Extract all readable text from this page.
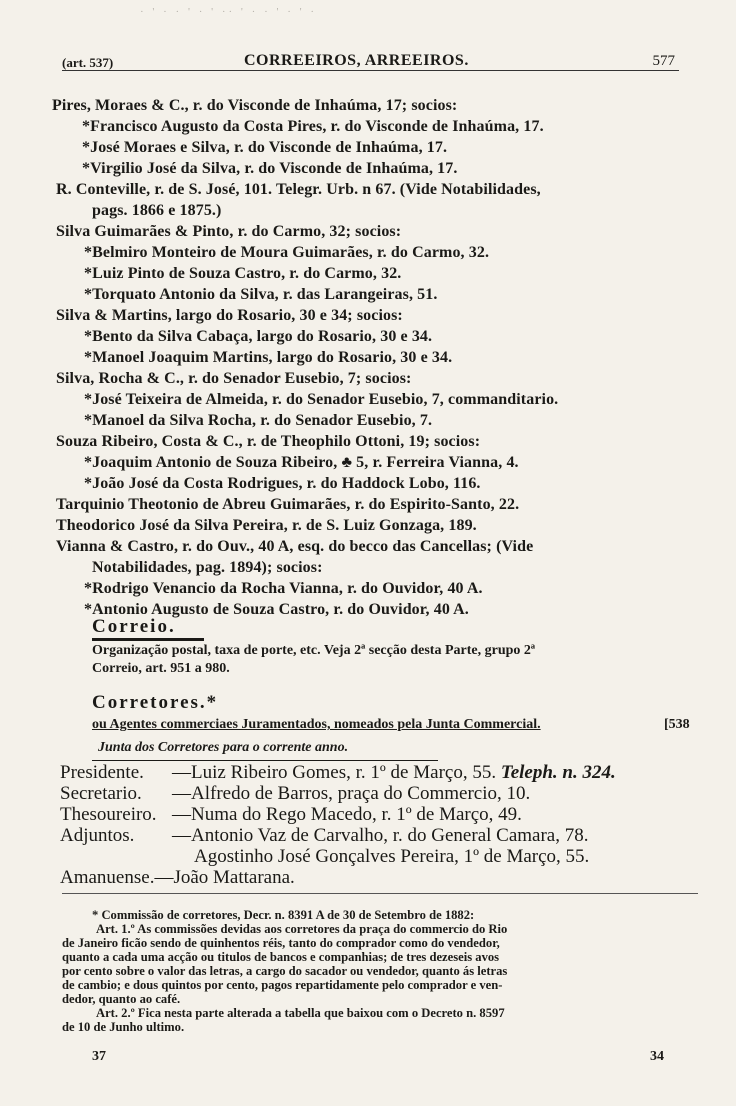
· ' · · ' · ' ·· ' · · ' · ' ·
(art. 537)	CORREEIROS, ARREEIROS.	577
Pires, Moraes & C., r. do Visconde de Inhaúma, 17; socios:
*Francisco Augusto da Costa Pires, r. do Visconde de Inhaúma, 17.
*José Moraes e Silva, r. do Visconde de Inhaúma, 17.
*Virgilio José da Silva, r. do Visconde de Inhaúma, 17.
R. Conteville, r. de S. José, 101. Telegr. Urb. n 67. (Vide Notabilidades,
pags. 1866 e 1875.)
Silva Guimarães & Pinto, r. do Carmo, 32; socios:
*Belmiro Monteiro de Moura Guimarães, r. do Carmo, 32.
*Luiz Pinto de Souza Castro, r. do Carmo, 32.
*Torquato Antonio da Silva, r. das Larangeiras, 51.
Silva & Martins, largo do Rosario, 30 e 34; socios:
*Bento da Silva Cabaça, largo do Rosario, 30 e 34.
*Manoel Joaquim Martins, largo do Rosario, 30 e 34.
Silva, Rocha & C., r. do Senador Eusebio, 7; socios:
*José Teixeira de Almeida, r. do Senador Eusebio, 7, commanditario.
*Manoel da Silva Rocha, r. do Senador Eusebio, 7.
Souza Ribeiro, Costa & C., r. de Theophilo Ottoni, 19; socios:
*Joaquim Antonio de Souza Ribeiro, ♣ 5, r. Ferreira Vianna, 4.
*João José da Costa Rodrigues, r. do Haddock Lobo, 116.
Tarquinio Theotonio de Abreu Guimarães, r. do Espirito-Santo, 22.
Theodorico José da Silva Pereira, r. de S. Luiz Gonzaga, 189.
Vianna & Castro, r. do Ouv., 40 A, esq. do becco das Cancellas; (Vide
Notabilidades, pag. 1894); socios:
*Rodrigo Venancio da Rocha Vianna, r. do Ouvidor, 40 A.
*Antonio Augusto de Souza Castro, r. do Ouvidor, 40 A.
Correio.
Organização postal, taxa de porte, etc. Veja 2ª secção desta Parte, grupo 2ª
Correio, art. 951 a 980.
Corretores.*
ou Agentes commerciaes Juramentados, nomeados pela Junta Commercial.	[538
Junta dos Corretores para o corrente anno.
Presidente. —Luiz Ribeiro Gomes, r. 1º de Março, 55. Teleph. n. 324.
Secretario. —Alfredo de Barros, praça do Commercio, 10.
Thesoureiro. —Numa do Rego Macedo, r. 1º de Março, 49.
Adjuntos. —Antonio Vaz de Carvalho, r. do General Camara, 78.
Agostinho José Gonçalves Pereira, 1º de Março, 55.
Amanuense.—João Mattarana.
* Commissão de corretores, Decr. n. 8391 A de 30 de Setembro de 1882:
Art. 1.º As commissões devidas aos corretores da praça do commercio do Rio
de Janeiro ficão sendo de quinhentos réis, tanto do comprador como do vendedor,
quanto a cada uma acção ou titulos de bancos e companhias; de tres dezeseis avos
por cento sobre o valor das letras, a cargo do sacador ou vendedor, quanto ás letras
de cambio; e dous quintos por cento, pagos repartidamente pelo comprador e ven-
dedor, quanto ao café.
Art. 2.º Fica nesta parte alterada a tabella que baixou com o Decreto n. 8597
de 10 de Junho ultimo.
37	34
